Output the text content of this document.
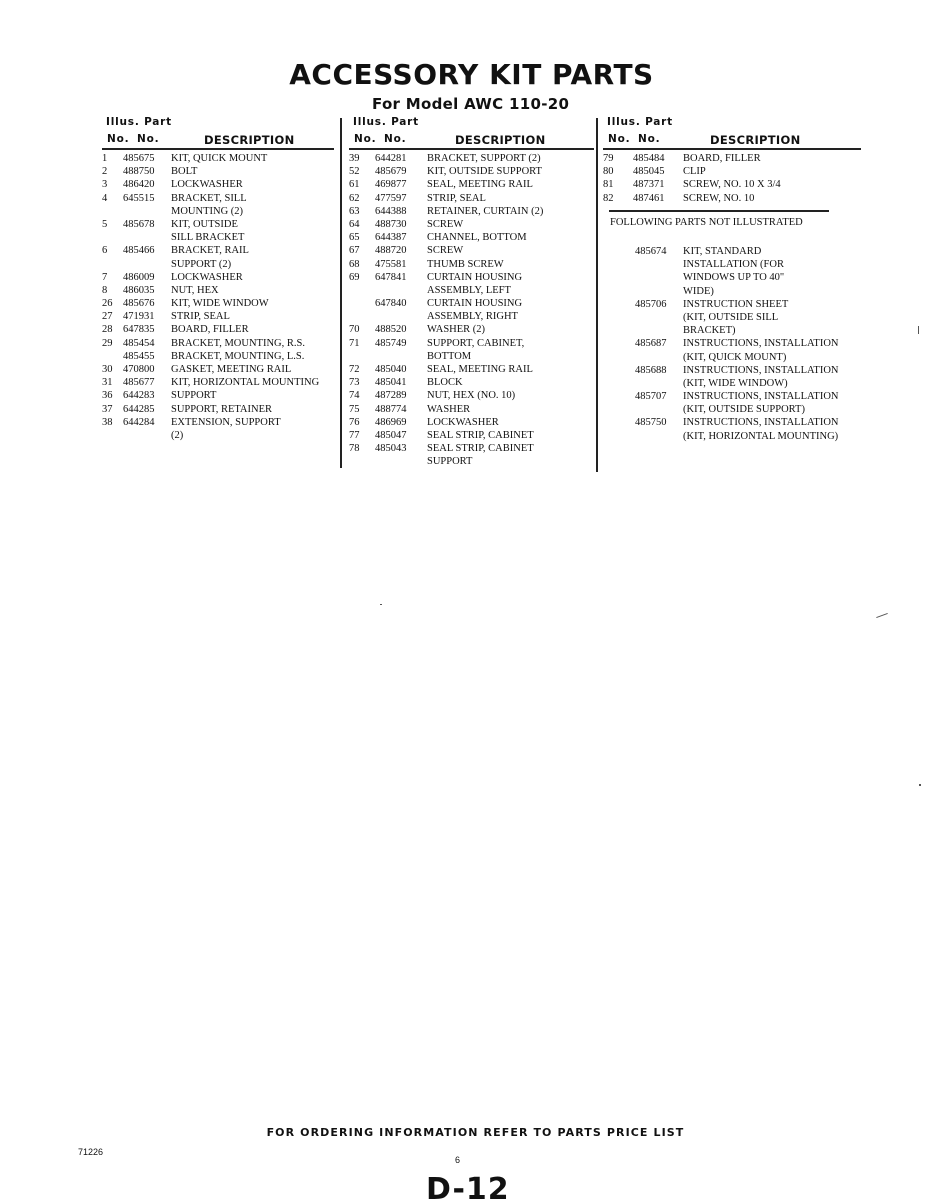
ACCESSORY KIT PARTS
For Model AWC 110-20
Illus. Part
No. No.	DESCRIPTION
1	485675 KIT, QUICK MOUNT
2	488750 BOLT
3	486420 LOCKWASHER
4	645515 BRACKET, SILL
MOUNTING (2)
5	485678 KIT, OUTSIDE
SILL BRACKET
6	485466 BRACKET, RAIL
SUPPORT (2)
7	486009 LOCKWASHER
8	486035 NUT, HEX
26	485676 KIT, WIDE WINDOW
27	471931 STRIP, SEAL
28	647835 BOARD, FILLER
29	485454 BRACKET, MOUNTING, R.S.
485455 BRACKET, MOUNTING, L.S.
30	470800 GASKET, MEETING RAIL
31	485677 KIT, HORIZONTAL MOUNTING
36	644283 SUPPORT
37	644285 SUPPORT, RETAINER
38	644284 EXTENSION, SUPPORT
(2)
Illus. Part
No. No.	DESCRIPTION
39	644281 BRACKET, SUPPORT (2)
52	485679 KIT, OUTSIDE SUPPORT
61	469877 SEAL, MEETING RAIL
62	477597 STRIP, SEAL
63	644388 RETAINER, CURTAIN (2)
64	488730 SCREW
65	644387 CHANNEL, BOTTOM
67	488720 SCREW
68	475581 THUMB SCREW
69	647841 CURTAIN HOUSING
ASSEMBLY, LEFT
647840 CURTAIN HOUSING
ASSEMBLY, RIGHT
70	488520 WASHER (2)
71	485749 SUPPORT, CABINET,
BOTTOM
72	485040 SEAL, MEETING RAIL
73	485041 BLOCK
74	487289 NUT, HEX (NO. 10)
75	488774 WASHER
76	486969 LOCKWASHER
77	485047 SEAL STRIP, CABINET
78	485043 SEAL STRIP, CABINET
SUPPORT
Illus. Part
No. No.	DESCRIPTION
79	485484 BOARD, FILLER
80	485045 CLIP
81	487371 SCREW, NO. 10 X 3/4
82	487461 SCREW, NO. 10
FOLLOWING PARTS NOT ILLUSTRATED
485674 KIT, STANDARD
INSTALLATION (FOR
WINDOWS UP TO 40"
WIDE)
485706 INSTRUCTION SHEET
(KIT, OUTSIDE SILL
BRACKET)
485687 INSTRUCTIONS, INSTALLATION
(KIT, QUICK MOUNT)
485688 INSTRUCTIONS, INSTALLATION
(KIT, WIDE WINDOW)
485707 INSTRUCTIONS, INSTALLATION
(KIT, OUTSIDE SUPPORT)
485750 INSTRUCTIONS, INSTALLATION
(KIT, HORIZONTAL MOUNTING)
FOR ORDERING INFORMATION REFER TO PARTS PRICE LIST
71226
6
D-12
